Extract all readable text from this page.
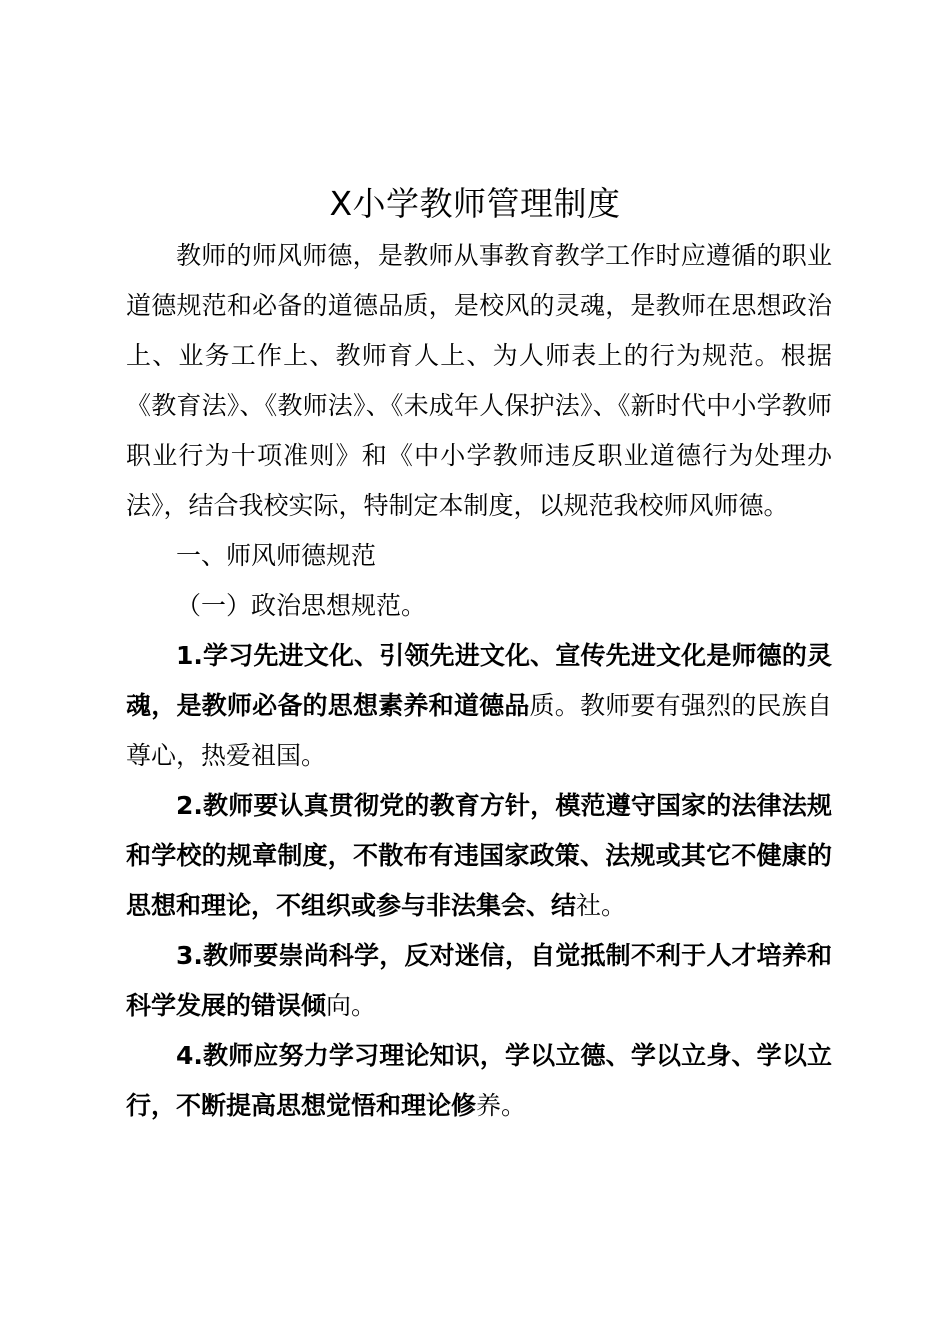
X小学教师管理制度

教师的师风师德，是教师从事教育教学工作时应遵循的职业道德规范和必备的道德品质，是校风的灵魂，是教师在思想政治上、业务工作上、教师育人上、为人师表上的行为规范。根据《教育法》、《教师法》、《未成年人保护法》、《新时代中小学教师职业行为十项准则》和《中小学教师违反职业道德行为处理办法》，结合我校实际，特制定本制度，以规范我校师风师德。

一、师风师德规范

（一）政治思想规范。

1.学习先进文化、引领先进文化、宣传先进文化是师德的灵魂，是教师必备的思想素养和道德品质。教师要有强烈的民族自尊心，热爱祖国。

2.教师要认真贯彻党的教育方针，模范遵守国家的法律法规和学校的规章制度，不散布有违国家政策、法规或其它不健康的思想和理论，不组织或参与非法集会、结社。

3.教师要崇尚科学，反对迷信，自觉抵制不利于人才培养和科学发展的错误倾向。

4.教师应努力学习理论知识，学以立德、学以立身、学以立行，不断提高思想觉悟和理论修养。
